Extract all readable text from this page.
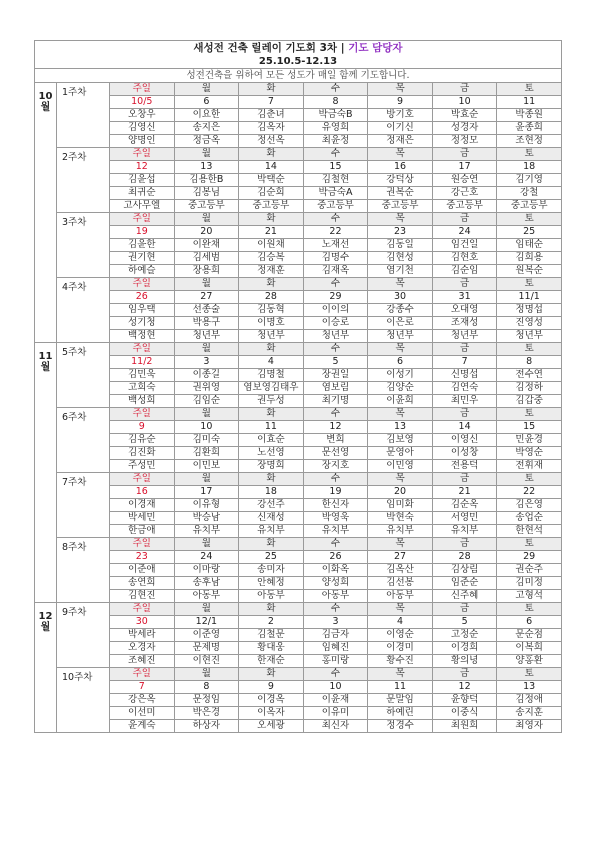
새성전 건축 릴레이 기도회 3차 | 기도 담당자								
25.10.5-12.13								
성전건축을 위하여 모든 성도가 매일 함께 기도합니다.								
10월	1주차	주일	월	화	수	목	금	토
		10/5	6	7	8	9	10	11
		오창우	이요한	김춘녀	박금숙B	방기호	박효순	박종원
		김영신	송지은	김옥자	유영희	이기신	성경자	윤종희
		양명인	정금옥	정선옥	최윤정	정재은	정정모	조현정
	2주차	주일	월	화	수	목	금	토
		12	13	14	15	16	17	18
		김윤섭	김용한B	박택순	김철현	강덕상	원승연	김기영
		최귀순	김봉님	김순희	박금숙A	권복순	강근호	강철
		고사무엘	중고등부	중고등부	중고등부	중고등부	중고등부	중고등부
	3주차	주일	월	화	수	목	금	토
		19	20	21	22	23	24	25
		김윤한	이완채	이원채	노재선	김동일	임건일	임태순
		권기현	김세범	김승복	김명수	김현성	김현호	김희용
		하예슬	장용희	정재훈	김재옥	염기천	김순임	원복순
	4주차	주일	월	화	수	목	금	토
		26	27	28	29	30	31	11/1
		임우택	선종술	김동혁	이이의	강종수	오대영	정명섭
		성기청	박용구	이명호	이승로	이은로	조재성	진영성
		백정현	청년부	청년부	청년부	청년부	청년부	청년부
11월	5주차	주일	월	화	수	목	금	토
		11/2	3	4	5	6	7	8
		김민욱	이종길	김명철	장권일	이성기	신명섭	전수연
		고희숙	권위영	염보영김태우	염보림	김양순	김연숙	김정하
		백성희	김임순	권두성	최기명	이윤희	최민우	김갑중
	6주차	주일	월	화	수	목	금	토
		9	10	11	12	13	14	15
		김유순	김미숙	이효순	변희	김보영	이영신	민윤경
		김진화	김환희	노선영	문선영	문영아	이성창	박영순
		주성민	이민보	장명희	장지호	이민영	전용덕	전휘재
	7주차	주일	월	화	수	목	금	토
		16	17	18	19	20	21	22
		이경재	이유형	강선주	한신자	임미화	김순옥	김은영
		박세민	박승남	신재성	박영욱	박현숙	서영민	송업순
		한금애	유치부	유치부	유치부	유치부	유치부	한현석
	8주차	주일	월	화	수	목	금	토
		23	24	25	26	27	28	29
		이준애	이마랑	송미자	이화옥	김옥산	김상림	권순주
		송연희	송후남	안혜정	양성희	김선봉	임준순	김미정
		김현진	아동부	아동부	아동부	아동부	신주혜	고형석
12월	9주차	주일	월	화	수	목	금	토
		30	12/1	2	3	4	5	6
		박세라	이준영	김철문	김금자	이영순	고정순	문순점
		오경자	문제명	황대웅	임혜진	이경미	이경희	이복희
		조혜진	이현진	한재순	홍미랑	황수진	황의녕	양홍환
	10주차	주일	월	화	수	목	금	토
		7	8	9	10	11	12	13
		강은옥	문정임	이경옥	이윤재	문말임	윤향덕	김정애
		이선미	박은경	이옥자	이유미	하예린	이중식	송지훈
		윤계숙	하상자	오세광	최신자	정경수	최원희	최영자
